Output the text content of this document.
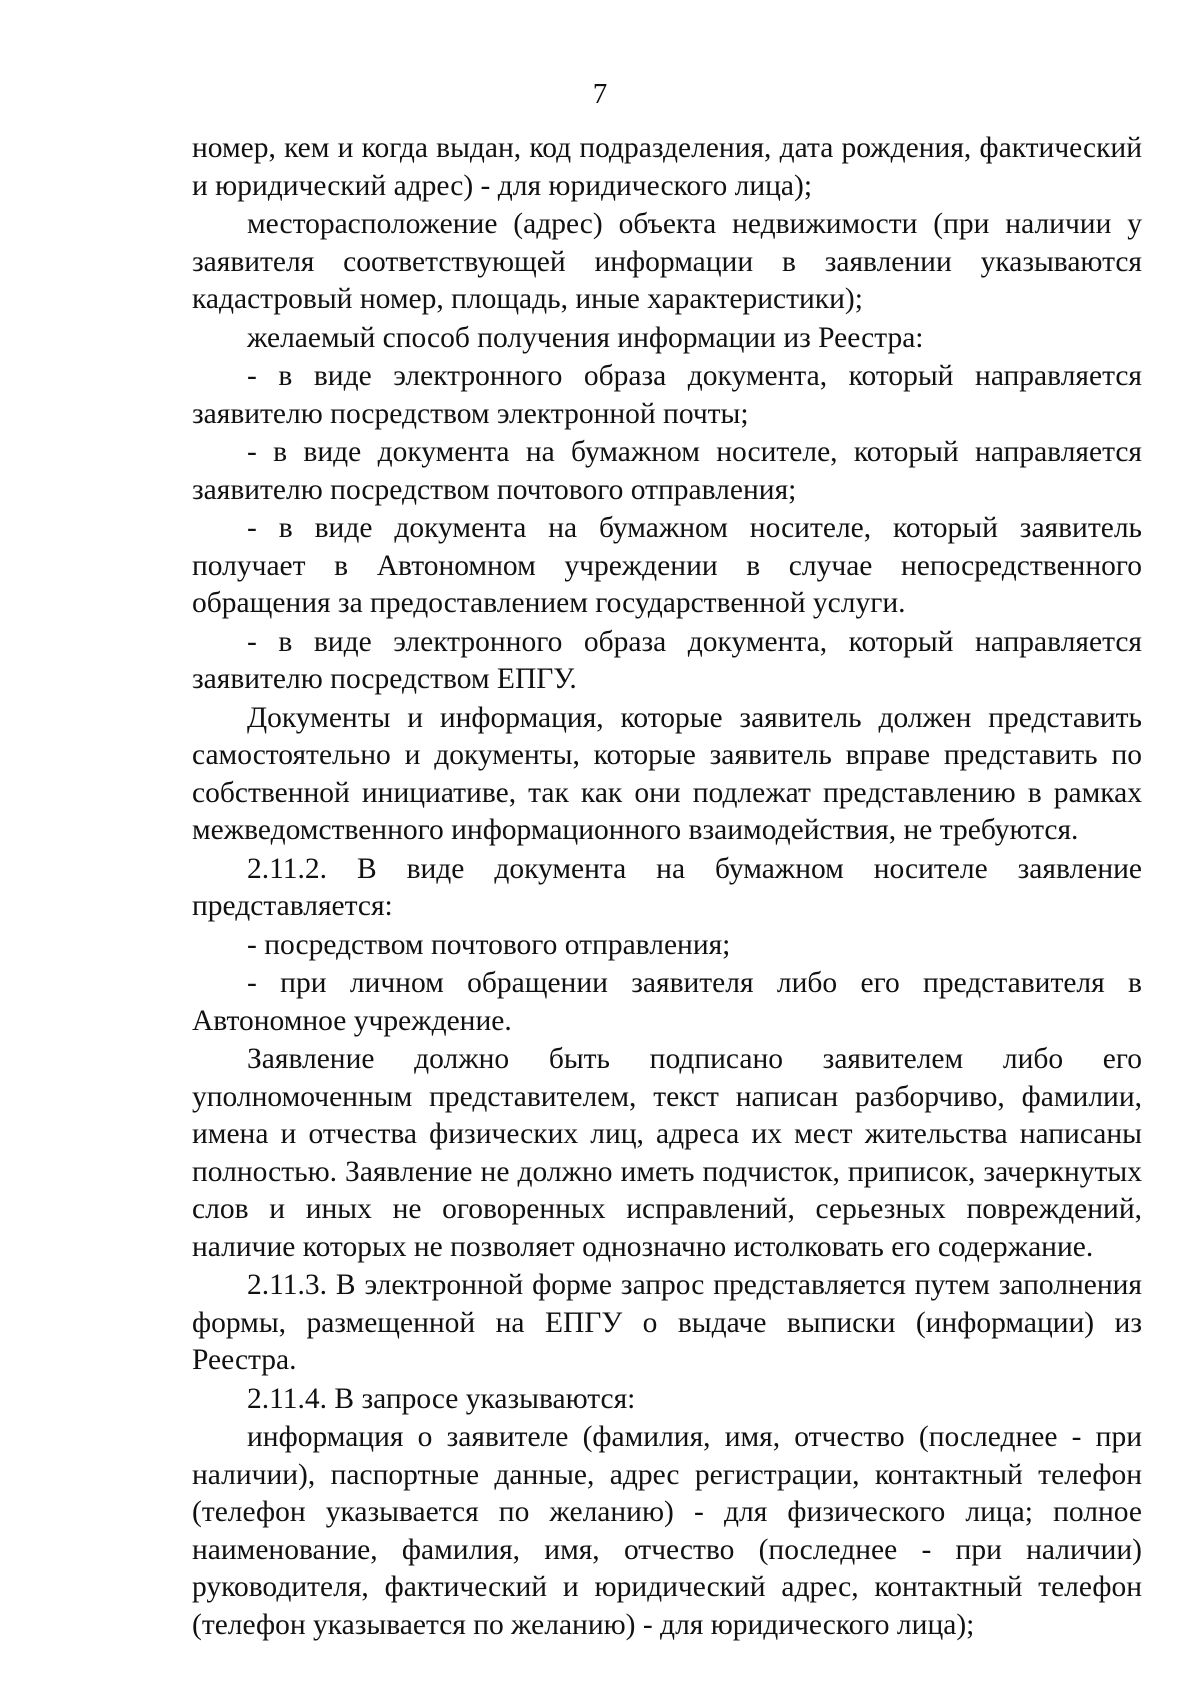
7

номер, кем и когда выдан, код подразделения, дата рождения, фактический и юридический адрес) - для юридического лица);

месторасположение (адрес) объекта недвижимости (при наличии у заявителя соответствующей информации в заявлении указываются кадастровый номер, площадь, иные характеристики);

желаемый способ получения информации из Реестра:

- в виде электронного образа документа, который направляется заявителю посредством электронной почты;

- в виде документа на бумажном носителе, который направляется заявителю посредством почтового отправления;

- в виде документа на бумажном носителе, который заявитель получает в Автономном учреждении в случае непосредственного обращения за предоставлением государственной услуги.

- в виде электронного образа документа, который направляется заявителю посредством ЕПГУ.

Документы и информация, которые заявитель должен представить самостоятельно и документы, которые заявитель вправе представить по собственной инициативе, так как они подлежат представлению в рамках межведомственного информационного взаимодействия, не требуются.

2.11.2. В виде документа на бумажном носителе заявление представляется:

- посредством почтового отправления;

- при личном обращении заявителя либо его представителя в Автономное учреждение.

Заявление должно быть подписано заявителем либо его уполномоченным представителем, текст написан разборчиво, фамилии, имена и отчества физических лиц, адреса их мест жительства написаны полностью. Заявление не должно иметь подчисток, приписок, зачеркнутых слов и иных не оговоренных исправлений, серьезных повреждений, наличие которых не позволяет однозначно истолковать его содержание.

2.11.3. В электронной форме запрос представляется путем заполнения формы, размещенной на ЕПГУ о выдаче выписки (информации) из Реестра.

2.11.4. В запросе указываются:

информация о заявителе (фамилия, имя, отчество (последнее - при наличии), паспортные данные, адрес регистрации, контактный телефон (телефон указывается по желанию) - для физического лица; полное наименование, фамилия, имя, отчество (последнее - при наличии) руководителя, фактический и юридический адрес, контактный телефон (телефон указывается по желанию) - для юридического лица);
